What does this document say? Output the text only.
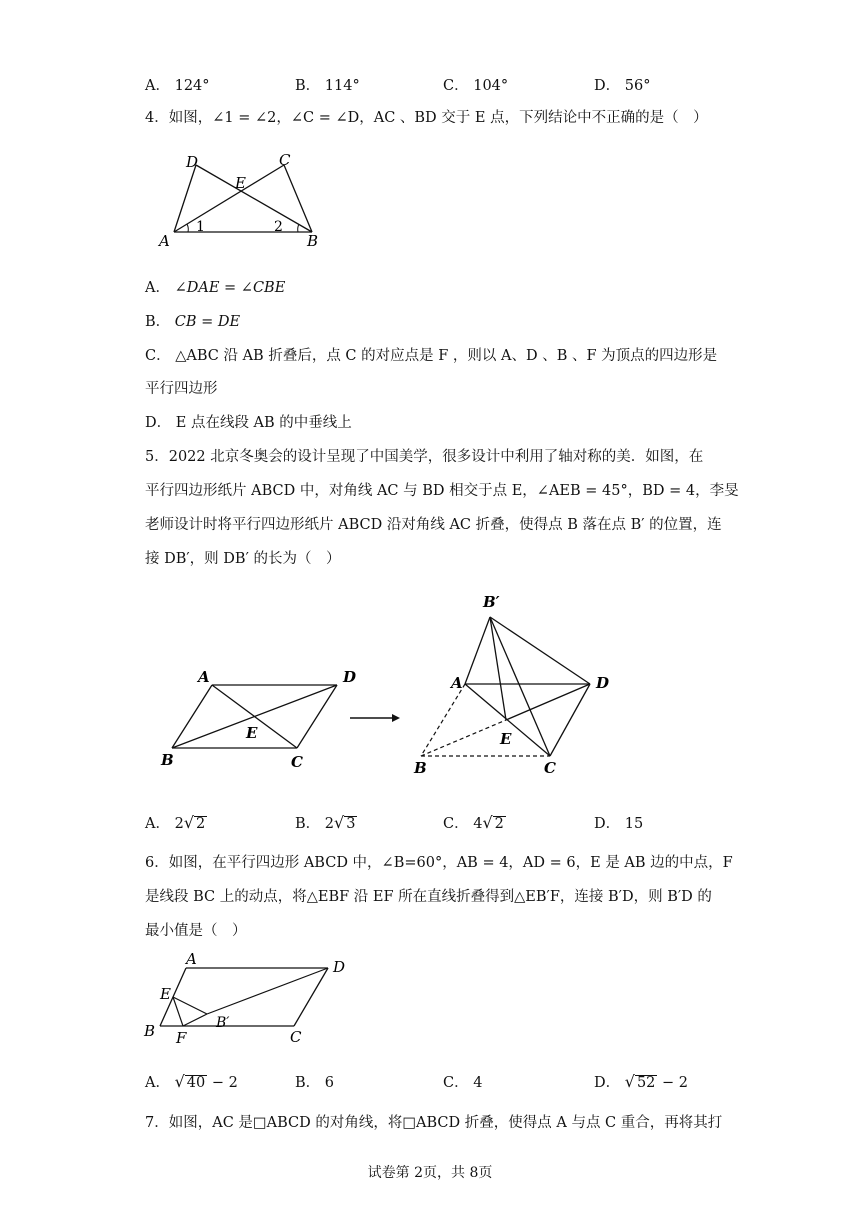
A． 124°	B． 114°	C． 104°	D． 56°
4．如图，∠1 = ∠2，∠C = ∠D，AC 、BD 交于 E 点，下列结论中不正确的是（　）
D	C
E
A	B
1	2
A． ∠DAE = ∠CBE
B． CB = DE
C． △ABC 沿 AB 折叠后，点 C 的对应点是 F ，则以 A、D 、B 、F 为顶点的四边形是
平行四边形
D． E 点在线段 AB 的中垂线上
5．2022 北京冬奥会的设计呈现了中国美学，很多设计中利用了轴对称的美．如图，在
平行四边形纸片 ABCD 中，对角线 AC 与 BD 相交于点 E，∠AEB = 45°，BD = 4，李旻
老师设计时将平行四边形纸片 ABCD 沿对角线 AC 折叠，使得点 B 落在点 B′ 的位置，连
接 DB′，则 DB′ 的长为（　）
A	D
E
B	C
B′
A	D
E
B	C
A． 2√ 2	B． 2√ 3	C． 4√ 2	D． 15
6．如图，在平行四边形 ABCD 中，∠B=60°，AB = 4，AD = 6，E 是 AB 边的中点，F
是线段 BC 上的动点，将△EBF 沿 EF 所在直线折叠得到△EB′F，连接 B′D，则 B′D 的
最小值是（　）
A	D
E
B	B′
F	C
A． √ 40 − 2	B． 6	C． 4	D． √ 52 − 2
7．如图，AC 是□ABCD 的对角线，将□ABCD 折叠，使得点 A 与点 C 重合，再将其打
试卷第 2页，共 8页
